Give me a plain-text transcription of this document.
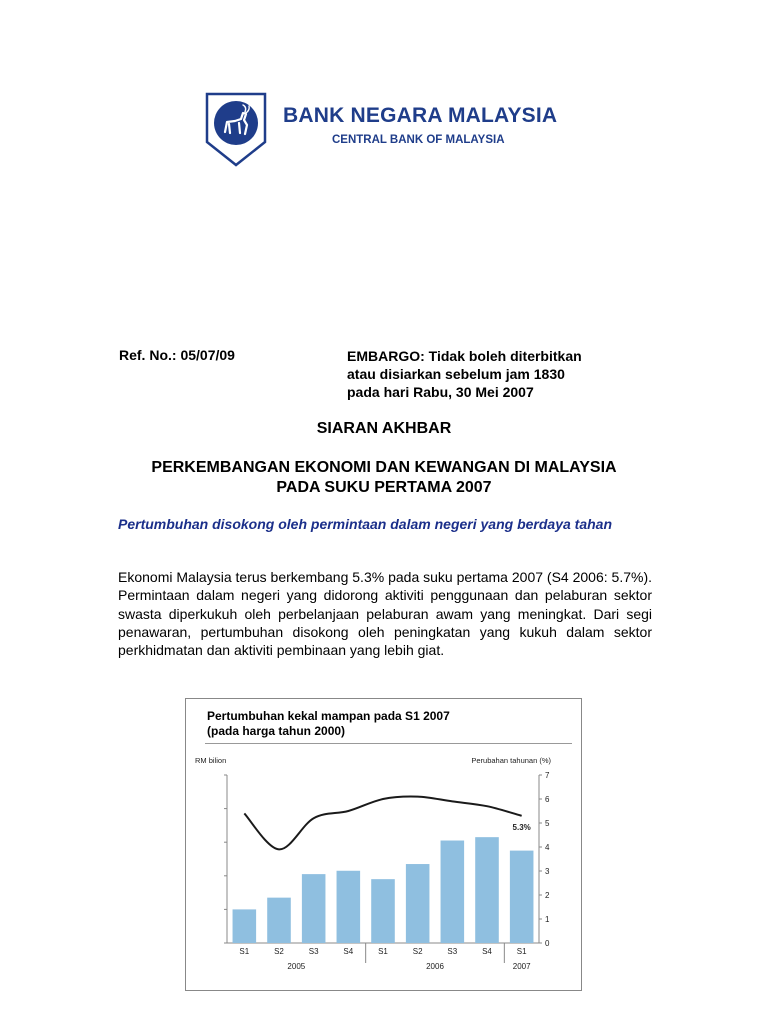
BANK NEGARA MALAYSIA
CENTRAL BANK OF MALAYSIA
Ref. No.: 05/07/09	EMBARGO: Tidak boleh diterbitkan
atau disiarkan sebelum jam 1830
pada hari Rabu, 30 Mei 2007
SIARAN AKHBAR
PERKEMBANGAN EKONOMI DAN KEWANGAN DI MALAYSIA
PADA SUKU PERTAMA 2007
Pertumbuhan disokong oleh permintaan dalam negeri yang berdaya tahan
Ekonomi Malaysia terus berkembang 5.3% pada suku pertama 2007 (S4 2006: 5.7%). Permintaan dalam negeri yang didorong aktiviti penggunaan dan pelaburan sektor swasta diperkukuh oleh perbelanjaan pelaburan awam yang meningkat. Dari segi penawaran, pertumbuhan disokong oleh peningkatan yang kukuh dalam sektor perkhidmatan dan aktiviti pembinaan yang lebih giat.
Pertumbuhan kekal mampan pada S1 2007
(pada harga tahun 2000)
RM bilion	Perubahan tahunan (%)
0
1
2
3
4
5
6
7
S1	S2	S3	S4	S1	S2	S3	S4	S1
2005	2006	2007
5.3%
